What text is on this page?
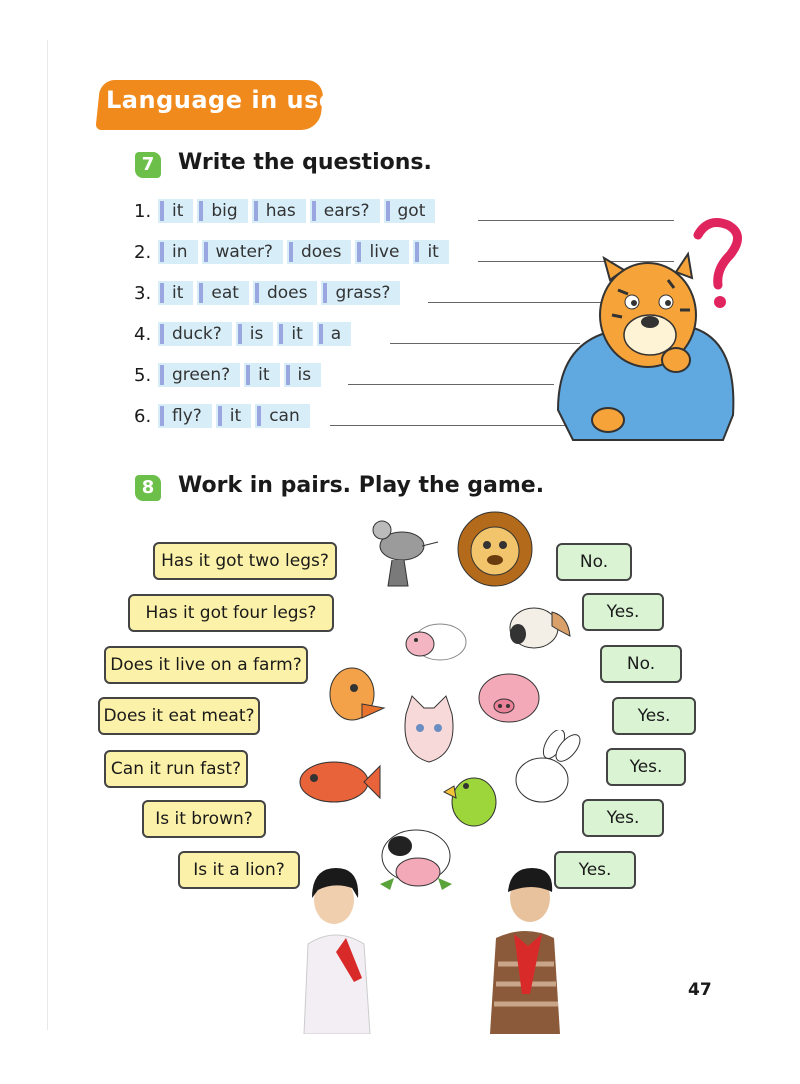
Language in use
7	Write the questions.
1.	it	big	has	ears?	got
2.	in	water?	does	live	it
3.	it	eat	does	grass?
4.	duck?	is	it	a
5.	green?	it	is
6.	fly?	it	can
8	Work in pairs. Play the game.
Has it got two legs?
Has it got four legs?
Does it live on a farm?
Does it eat meat?
Can it run fast?
Is it brown?
Is it a lion?
No.
Yes.
No.
Yes.
Yes.
Yes.
Yes.
47
